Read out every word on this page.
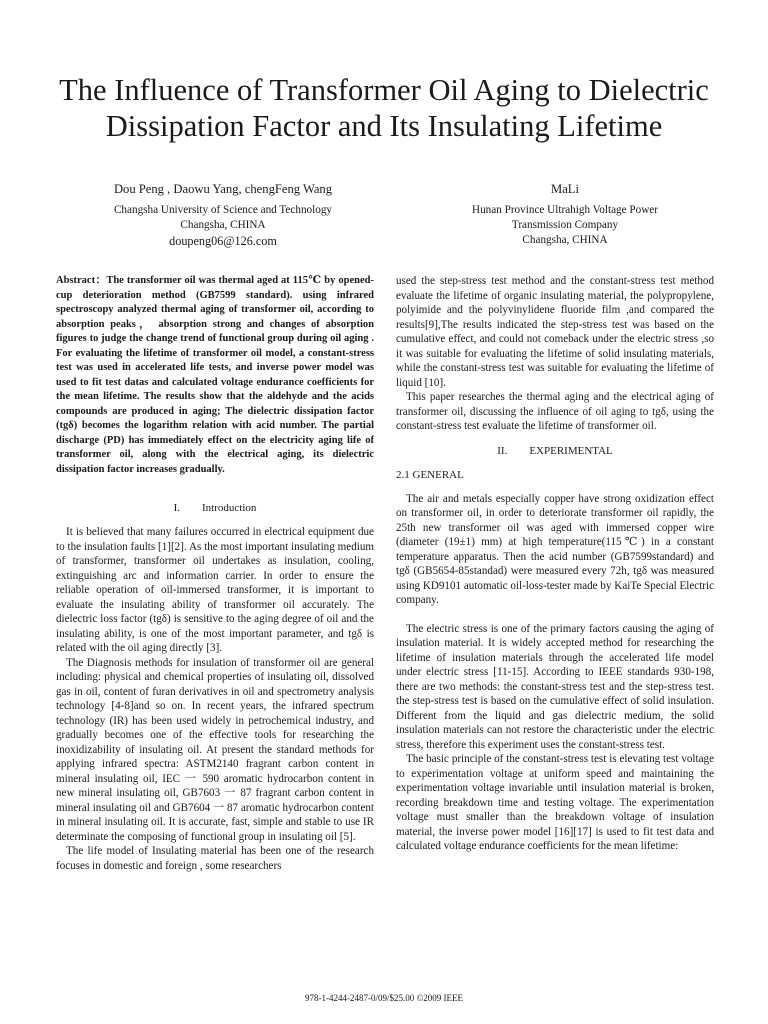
The Influence of Transformer Oil Aging to Dielectric Dissipation Factor and Its Insulating Lifetime
Dou Peng , Daowu Yang, chengFeng Wang
Changsha University of Science and Technology
Changsha, CHINA
doupeng06@126.com
MaLi
Hunan Province Ultrahigh Voltage Power
Transmission Company
Changsha, CHINA

Abstract：The transformer oil was thermal aged at 115℃ by opened-cup deterioration method (GB7599 standard). using infrared spectroscopy analyzed thermal aging of transformer oil, according to absorption peaks， absorption strong and changes of absorption figures to judge the change trend of functional group during oil aging . For evaluating the lifetime of transformer oil model, a constant-stress test was used in accelerated life tests, and inverse power model was used to fit test datas and calculated voltage endurance coefficients for the mean lifetime. The results show that the aldehyde and the acids compounds are produced in aging; The dielectric dissipation factor (tgδ) becomes the logarithm relation with acid number. The partial discharge (PD) has immediately effect on the electricity aging life of transformer oil, along with the electrical aging, its dielectric dissipation factor increases gradually.

I. Introduction

It is believed that many failures occurred in electrical equipment due to the insulation faults [1][2]. As the most important insulating medium of transformer, transformer oil undertakes as insulation, cooling, extinguishing arc and information carrier. In order to ensure the reliable operation of oil-immersed transformer, it is important to evaluate the insulating ability of transformer oil accurately. The dielectric loss factor (tgδ) is sensitive to the aging degree of oil and the insulating ability, is one of the most important parameter, and tgδ is related with the oil aging directly [3].

The Diagnosis methods for insulation of transformer oil are general including: physical and chemical properties of insulating oil, dissolved gas in oil, content of furan derivatives in oil and spectrometry analysis technology [4-8]and so on. In recent years, the infrared spectrum technology (IR) has been used widely in petrochemical industry, and gradually becomes one of the effective tools for researching the inoxidizability of insulating oil. At present the standard methods for applying infrared spectra: ASTM2140 fragrant carbon content in mineral insulating oil, IEC 一 590 aromatic hydrocarbon content in new mineral insulating oil, GB7603 一 87 fragrant carbon content in mineral insulating oil and GB7604 一 87 aromatic hydrocarbon content in mineral insulating oil. It is accurate, fast, simple and stable to use IR determinate the composing of functional group in insulating oil [5].

The life model of Insulating material has been one of the research focuses in domestic and foreign , some researchers

used the step-stress test method and the constant-stress test method evaluate the lifetime of organic insulating material, the polypropylene, polyimide and the polyvinylidene fluoride film ,and compared the results[9],The results indicated the step-stress test was based on the cumulative effect, and could not comeback under the electric stress ,so it was suitable for evaluating the lifetime of solid insulating materials, while the constant-stress test was suitable for evaluating the lifetime of liquid [10].

This paper researches the thermal aging and the electrical aging of transformer oil, discussing the influence of oil aging to tgδ, using the constant-stress test evaluate the lifetime of transformer oil.

II. EXPERIMENTAL

2.1 GENERAL

The air and metals especially copper have strong oxidization effect on transformer oil, in order to deteriorate transformer oil rapidly, the 25th new transformer oil was aged with immersed copper wire (diameter (19±1) mm) at high temperature(115℃) in a constant temperature apparatus. Then the acid number (GB7599standard) and tgδ (GB5654-85standad) were measured every 72h, tgδ was measured using KD9101 automatic oil-loss-tester made by KaiTe Special Electric company.

The electric stress is one of the primary factors causing the aging of insulation material. It is widely accepted method for researching the lifetime of insulation materials through the accelerated life model under electric stress [11-15]. According to IEEE standards 930-198, there are two methods: the constant-stress test and the step-stress test. the step-stress test is based on the cumulative effect of solid insulation. Different from the liquid and gas dielectric medium, the solid insulation materials can not restore the characteristic under the electric stress, therefore this experiment uses the constant-stress test.

The basic principle of the constant-stress test is elevating test voltage to experimentation voltage at uniform speed and maintaining the experimentation voltage invariable until insulation material is broken, recording breakdown time and testing voltage. The experimentation voltage must smaller than the breakdown voltage of insulation material, the inverse power model [16][17] is used to fit test data and calculated voltage endurance coefficients for the mean lifetime:

978-1-4244-2487-0/09/$25.00 ©2009 IEEE
